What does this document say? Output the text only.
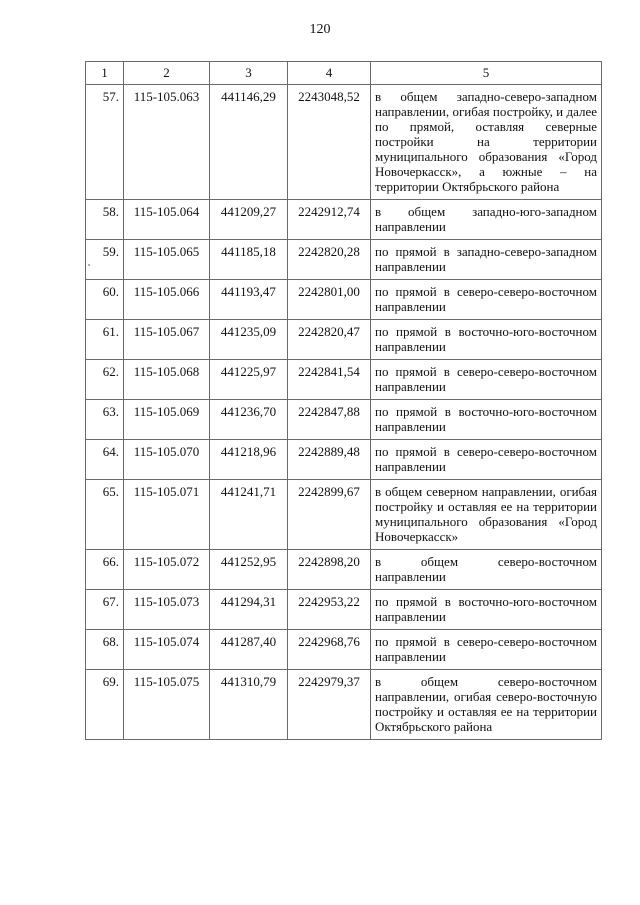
120
1	2	3	4	5
57.	115-105.063	441146,29	2243048,52	в общем западно-северо-западном направлении, огибая постройку, и далее по прямой, оставляя северные постройки на территории муниципального образования «Город Новочеркасск», а южные – на территории Октябрьского района
58.	115-105.064	441209,27	2242912,74	в общем западно-юго-западном направлении
59.	115-105.065	441185,18	2242820,28	по прямой в западно-северо-западном направлении
60.	115-105.066	441193,47	2242801,00	по прямой в северо-северо-восточном направлении
61.	115-105.067	441235,09	2242820,47	по прямой в восточно-юго-восточном направлении
62.	115-105.068	441225,97	2242841,54	по прямой в северо-северо-восточном направлении
63.	115-105.069	441236,70	2242847,88	по прямой в восточно-юго-восточном направлении
64.	115-105.070	441218,96	2242889,48	по прямой в северо-северо-восточном направлении
65.	115-105.071	441241,71	2242899,67	в общем северном направлении, огибая постройку и оставляя ее на территории муниципального образования «Город Новочеркасск»
66.	115-105.072	441252,95	2242898,20	в общем северо-восточном направлении
67.	115-105.073	441294,31	2242953,22	по прямой в восточно-юго-восточном направлении
68.	115-105.074	441287,40	2242968,76	по прямой в северо-северо-восточном направлении
69.	115-105.075	441310,79	2242979,37	в общем северо-восточном направлении, огибая северо-восточную постройку и оставляя ее на территории Октябрьского района
